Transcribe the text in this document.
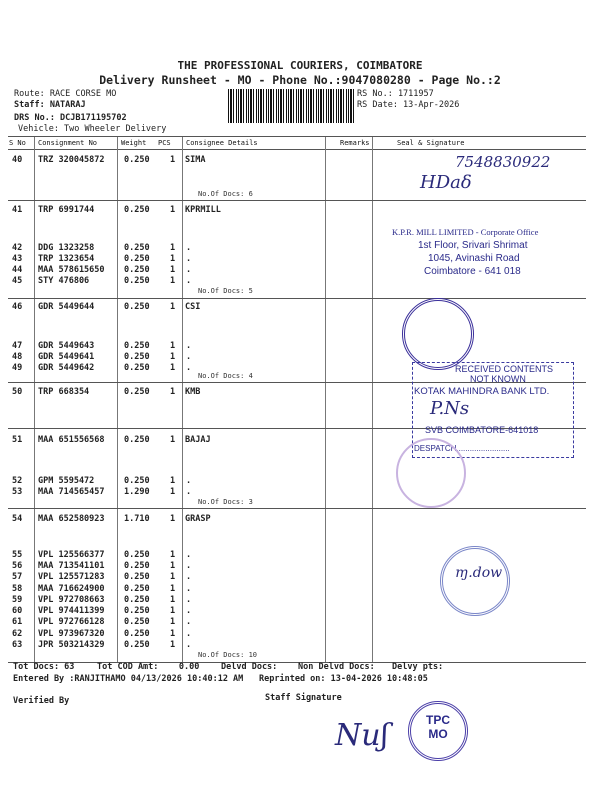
THE PROFESSIONAL COURIERS, COIMBATORE
Delivery Runsheet - MO - Phone No.:9047080280 - Page No.:2
Route: RACE CORSE MO
Staff: NATARAJ
DRS No.: DCJB171195702
Vehicle: Two Wheeler Delivery
RS No.: 1711957
RS Date: 13-Apr-2026
S No Consignment No	Weight PCS Consignee Details	Remarks	Seal & Signature
40 TRZ 320045872 0.250 1 SIMA
No.Of Docs: 6
41 TRP 6991744	0.250 1 KPRMILL
42 DDG 1323258	0.250 1 .
43 TRP 1323654	0.250 1 .
44 MAA 578615650 0.250 1 .
45 STY 476806	0.250 1 .
No.Of Docs: 5
46 GDR 5449644	0.250 1 CSI
47 GDR 5449643	0.250 1 .
48 GDR 5449641	0.250 1 .
49 GDR 5449642	0.250 1 .
No.Of Docs: 4
50 TRP 668354	0.250 1 KMB
51 MAA 651556568 0.250 1 BAJAJ
52 GPM 5595472	0.250 1 .
53 MAA 714565457 1.290 1 .
No.Of Docs: 3
54 MAA 652580923 1.710 1 GRASP
55 VPL 125566377 0.250 1 .
56 MAA 713541101 0.250 1 .
57 VPL 125571283 0.250 1 .
58 MAA 716624900 0.250 1 .
59 VPL 972708663 0.250 1 .
60 VPL 974411399 0.250 1 .
61 VPL 972766128 0.250 1 .
62 VPL 973967320 0.250 1 .
63 JPR 503214329 0.250 1 .
No.Of Docs: 10
Tot Docs: 63	Tot COD Amt:    0.00	Delvd Docs: Non Delvd Docs: Delvy pts:
Entered By :RANJITHAMO 04/13/2026 10:40:12 AM Reprinted on: 13-04-2026 10:48:05
Verified By	Staff Signature
7548830922
HDaẟ
K.P.R. MILL LIMITED - Corporate Office
1st Floor, Srivari Shrimat
1045, Avinashi Road
Coimbatore - 641 018
RECEIVED CONTENTS
NOT KNOWN
KOTAK MAHINDRA BANK LTD.
P.Ns
SVB COIMBATORE-641018
DESPATCH........................
ɱ.dow
Nuʃ	TPC
MO
